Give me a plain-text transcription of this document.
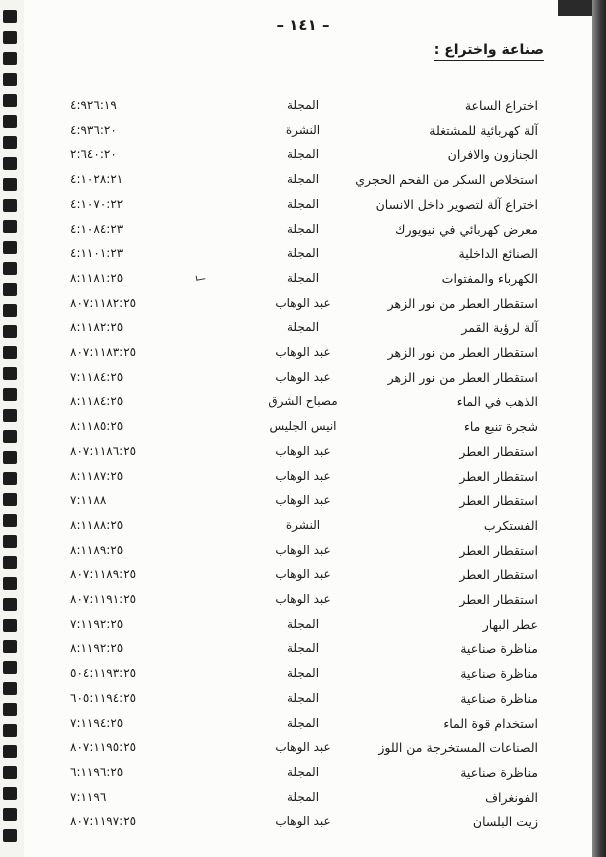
– ١٤١ –
صناعة واختراع :
اختراع الساعة
المجلة
٤:٩٢٦:١٩
آلة كهربائية للمشتغلة
النشرة
٤:٩٣٦:٢٠
الجنازون والافران
المجلة
٢:٦٤٠:٢٠
استخلاص السكر من الفحم الحجري
المجلة
٤:١٠٢٨:٢١
اختراع آلة لتصوير داخل الانسان
المجلة
٤:١٠٧٠:٢٢
معرض كهربائي في نيويورك
المجلة
٤:١٠٨٤:٢٣
الصنائع الداخلية
المجلة
٤:١١٠١:٢٣
الكهرباء والمفتوات
المجلة
٨:١١٨١:٢٥
استقطار العطر من نور الزهر
عبد الوهاب
٨٠٧:١١٨٢:٢٥
آلة لرؤية القمر
المجلة
٨:١١٨٢:٢٥
استقطار العطر من نور الزهر
عبد الوهاب
٨٠٧:١١٨٣:٢٥
استقطار العطر من نور الزهر
عبد الوهاب
٧:١١٨٤:٢٥
الذهب في الماء
مصباح الشرق
٨:١١٨٤:٢٥
شجرة تنبع ماء
انيس الجليس
٨:١١٨٥:٢٥
استقطار العطر
عبد الوهاب
٨٠٧:١١٨٦:٢٥
استقطار العطر
عبد الوهاب
٨:١١٨٧:٢٥
استقطار العطر
عبد الوهاب
٧:١١٨٨
الفستكرب
النشرة
٨:١١٨٨:٢٥
استقطار العطر
عبد الوهاب
٨:١١٨٩:٢٥
استقطار العطر
عبد الوهاب
٨٠٧:١١٨٩:٢٥
استقطار العطر
عبد الوهاب
٨٠٧:١١٩١:٢٥
عطر البهار
المجلة
٧:١١٩٢:٢٥
مناظرة صناعية
المجلة
٨:١١٩٢:٢٥
مناظرة صناعية
المجلة
٥٠٤:١١٩٣:٢٥
مناظرة صناعية
المجلة
٦٠٥:١١٩٤:٢٥
استخدام قوة الماء
المجلة
٧:١١٩٤:٢٥
الصناعات المستخرجة من اللوز
عبد الوهاب
٨٠٧:١١٩٥:٢٥
مناظرة صناعية
المجلة
٦:١١٩٦:٢٥
الفونغراف
المجلة
٧:١١٩٦
زيت البلسان
عبد الوهاب
٨٠٧:١١٩٧:٢٥
